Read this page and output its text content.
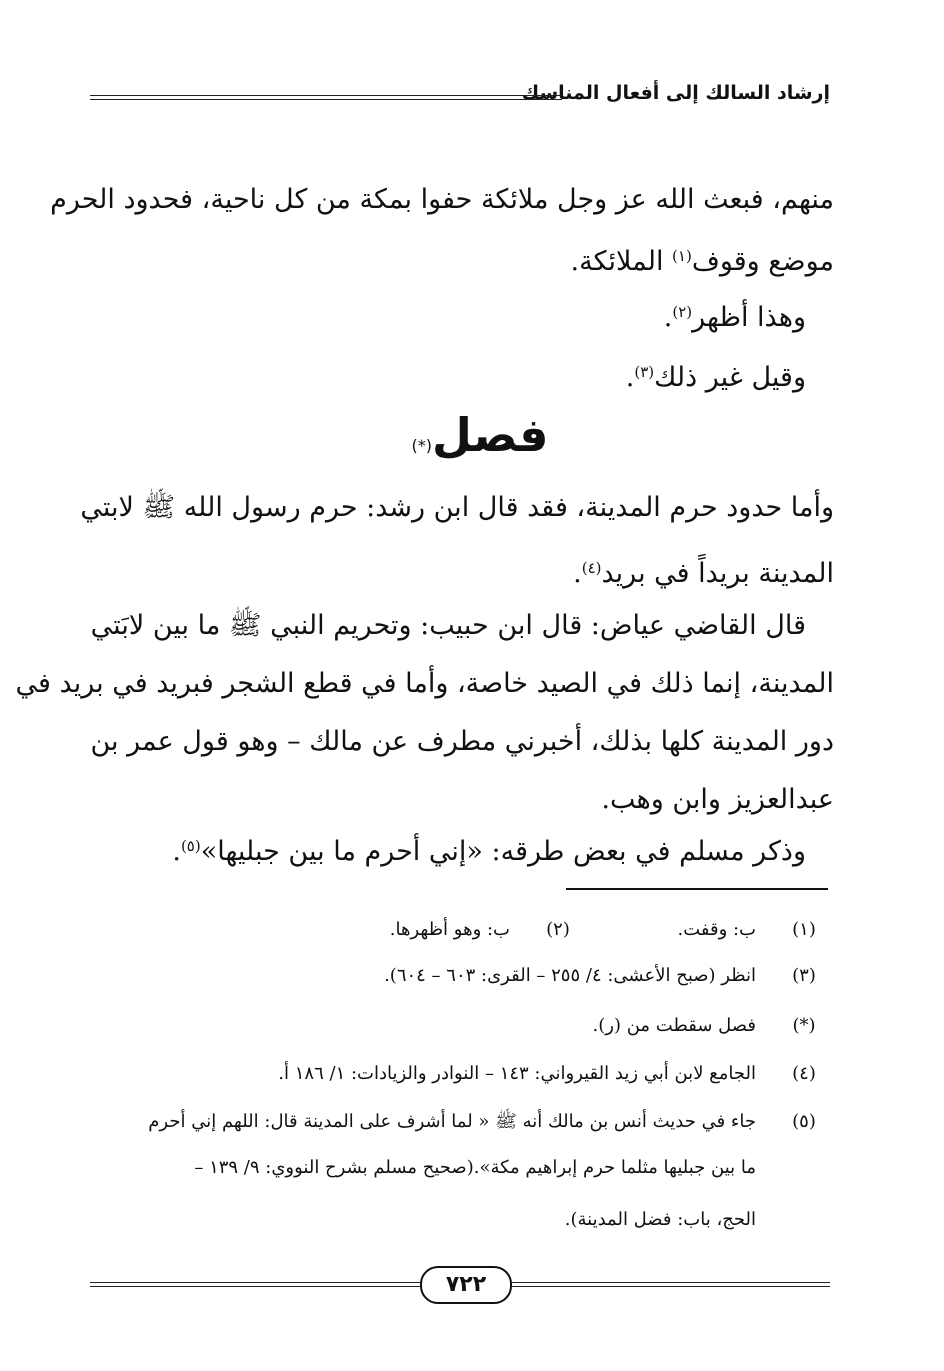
إرشاد السالك إلى أفعال المناسك
منهم، فبعث الله عز وجل ملائكة حفوا بمكة من كل ناحية، فحدود الحرم
موضع وقوف$^{(١)}$ الملائكة.
وهذا أظهر$^{(٢)}$.
وقيل غير ذلك$^{(٣)}$.
فصل(*)
وأما حدود حرم المدينة، فقد قال ابن رشد: حرم رسول الله ﷺ لابتي
المدينة بريداً في بريد$^{(٤)}$.
قال القاضي عياض: قال ابن حبيب: وتحريم النبي ﷺ ما بين لابَتي
المدينة، إنما ذلك في الصيد خاصة، وأما في قطع الشجر فبريد في بريد في
دور المدينة كلها بذلك، أخبرني مطرف عن مالك – وهو قول عمر بن
عبدالعزيز وابن وهب.
وذكر مسلم في بعض طرقه: «إني أحرم ما بين جبليها»$^{(٥)}$.
(١)
ب: وقفت.
(٢)
ب: وهو أظهرها.
(٣)
انظر (صبح الأعشى: ٤/ ٢٥٥ – القرى: ٦٠٣ – ٦٠٤).
(*)
فصل سقطت من (ر).
(٤)
الجامع لابن أبي زيد القيرواني: ١٤٣ – النوادر والزيادات: ١/ ١٨٦ أ.
(٥)
جاء في حديث أنس بن مالك أنه ﷺ « لما أشرف على المدينة قال: اللهم إني أحرم
ما بين جبليها مثلما حرم إبراهيم مكة».(صحيح مسلم بشرح النووي: ٩/ ١٣٩ –
الحج، باب: فضل المدينة).
٧٢٢
